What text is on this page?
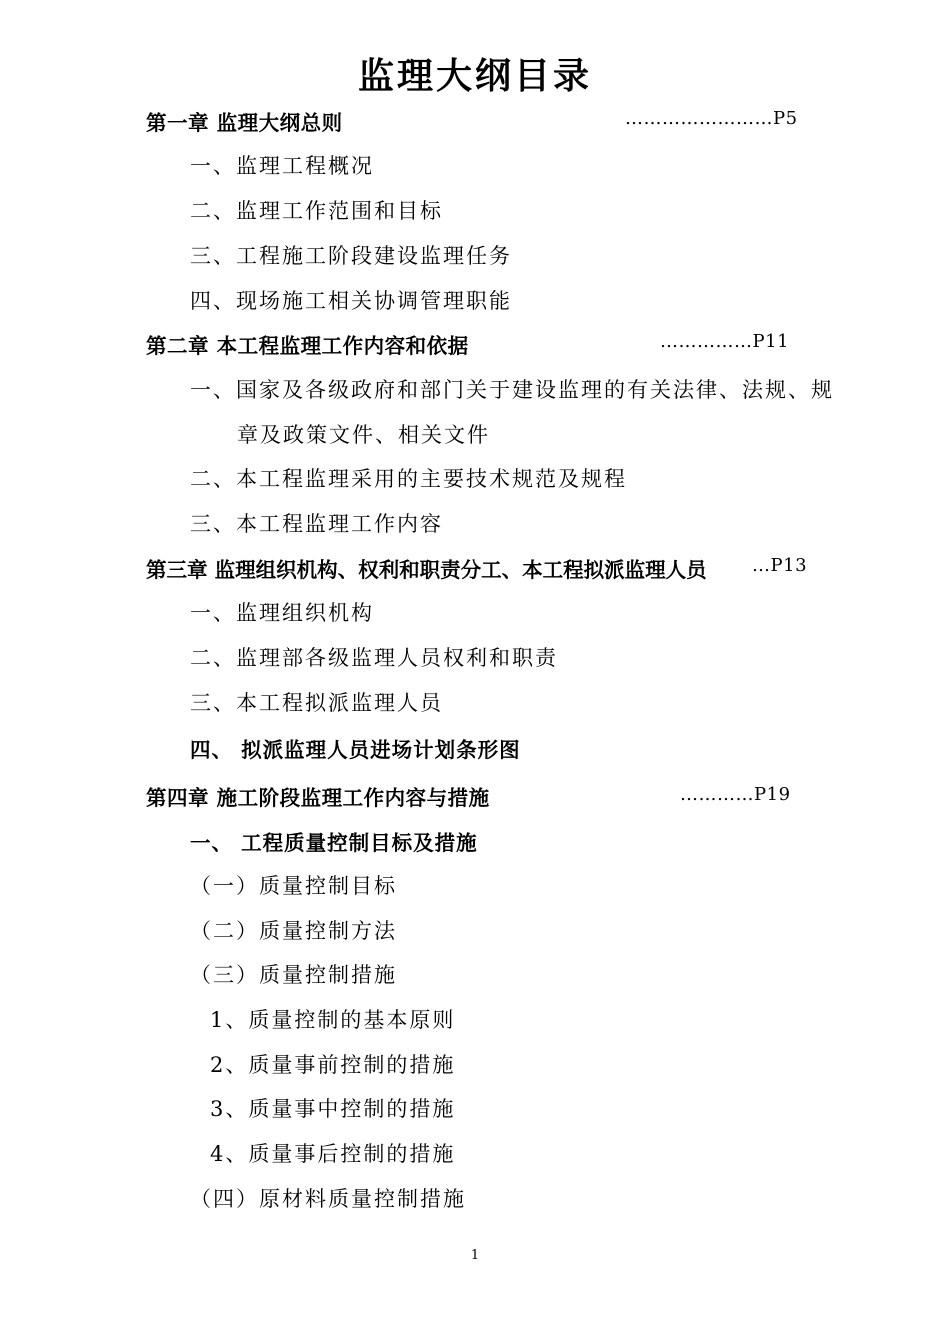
监理大纲目录
第一章 监理大纲总则	……………………P5
一、监理工程概况
二、监理工作范围和目标
三、工程施工阶段建设监理任务
四、现场施工相关协调管理职能
第二章 本工程监理工作内容和依据	……………P11
一、国家及各级政府和部门关于建设监理的有关法律、法规、规
章及政策文件、相关文件
二、本工程监理采用的主要技术规范及规程
三、本工程监理工作内容
第三章 监理组织机构、权利和职责分工、本工程拟派监理人员	…P13
一、监理组织机构
二、监理部各级监理人员权利和职责
三、本工程拟派监理人员
四、 拟派监理人员进场计划条形图
第四章 施工阶段监理工作内容与措施	…………P19
一、 工程质量控制目标及措施
（一）质量控制目标
（二）质量控制方法
（三）质量控制措施
1、质量控制的基本原则
2、质量事前控制的措施
3、质量事中控制的措施
4、质量事后控制的措施
（四）原材料质量控制措施
1
